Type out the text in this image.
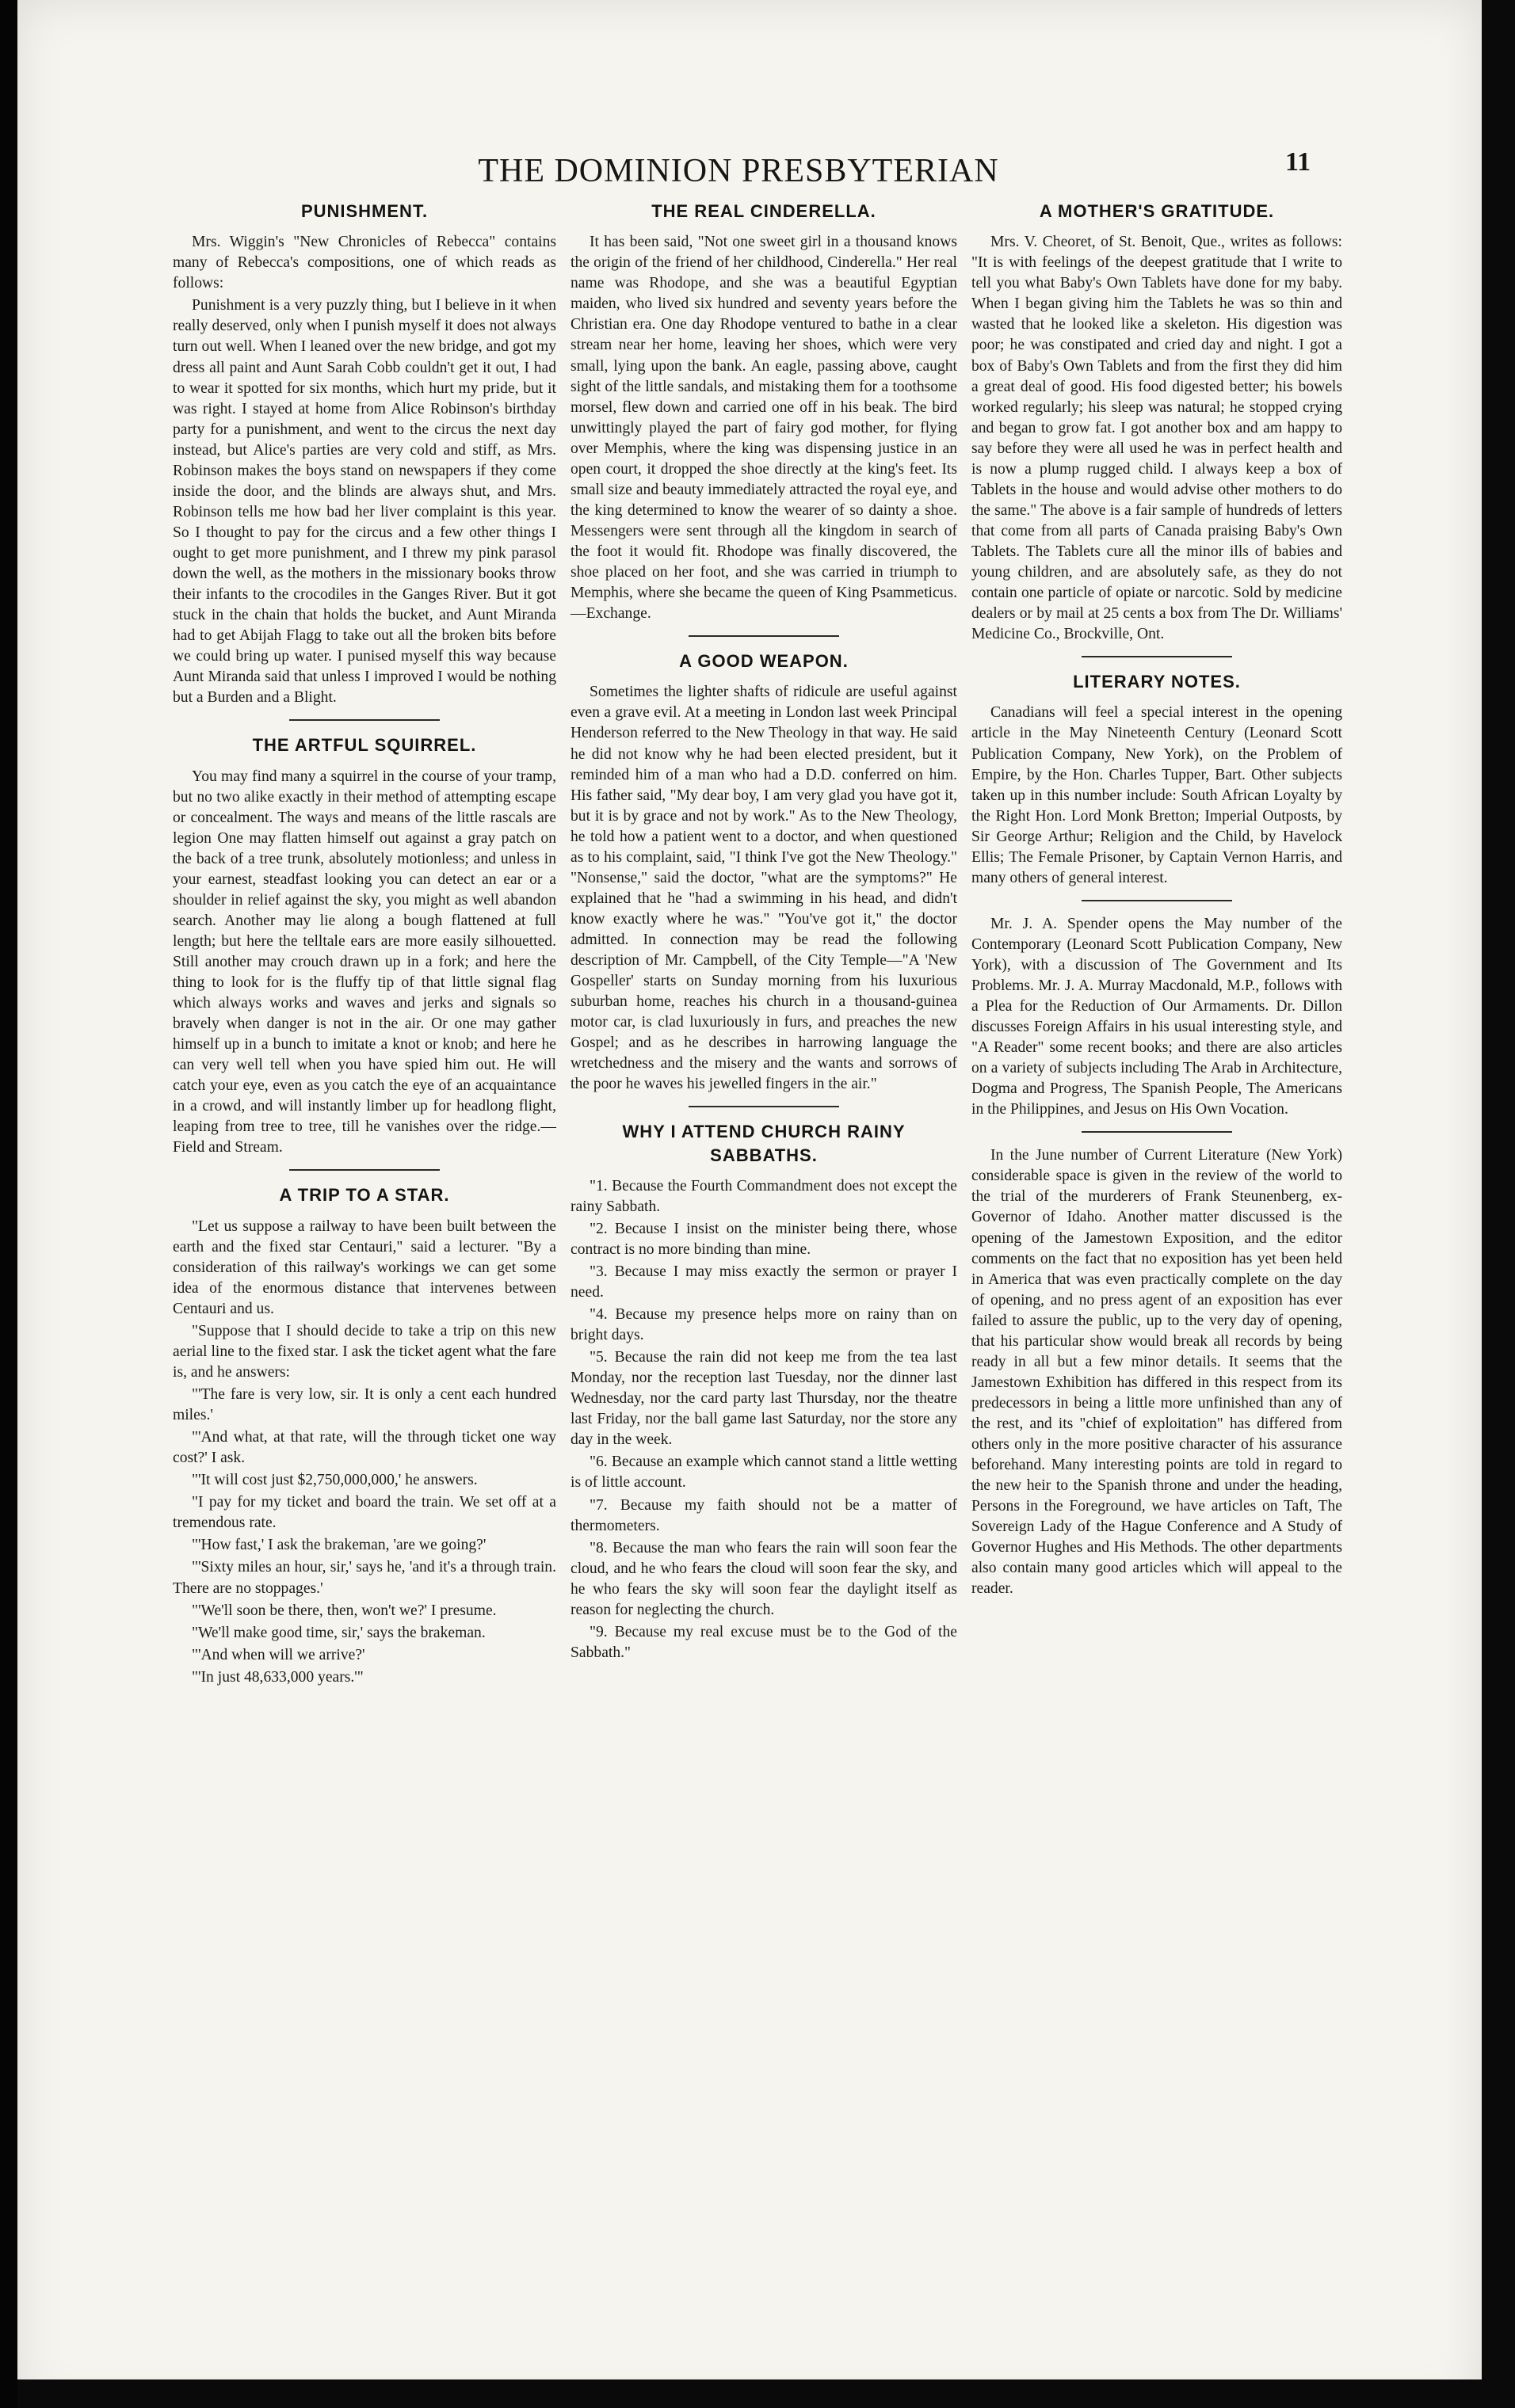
THE DOMINION PRESBYTERIAN	11
PUNISHMENT.

Mrs. Wiggin's "New Chronicles of Rebecca" contains many of Rebecca's compositions, one of which reads as follows:

Punishment is a very puzzly thing, but I believe in it when really deserved, only when I punish myself it does not always turn out well. When I leaned over the new bridge, and got my dress all paint and Aunt Sarah Cobb couldn't get it out, I had to wear it spotted for six months, which hurt my pride, but it was right. I stayed at home from Alice Robinson's birthday party for a punishment, and went to the circus the next day instead, but Alice's parties are very cold and stiff, as Mrs. Robinson makes the boys stand on newspapers if they come inside the door, and the blinds are always shut, and Mrs. Robinson tells me how bad her liver complaint is this year. So I thought to pay for the circus and a few other things I ought to get more punishment, and I threw my pink parasol down the well, as the mothers in the missionary books throw their infants to the crocodiles in the Ganges River. But it got stuck in the chain that holds the bucket, and Aunt Miranda had to get Abijah Flagg to take out all the broken bits before we could bring up water. I punised myself this way because Aunt Miranda said that unless I improved I would be nothing but a Burden and a Blight.

THE ARTFUL SQUIRREL.

You may find many a squirrel in the course of your tramp, but no two alike exactly in their method of attempting escape or concealment. The ways and means of the little rascals are legion One may flatten himself out against a gray patch on the back of a tree trunk, absolutely motionless; and unless in your earnest, steadfast looking you can detect an ear or a shoulder in relief against the sky, you might as well abandon search. Another may lie along a bough flattened at full length; but here the telltale ears are more easily silhouetted. Still another may crouch drawn up in a fork; and here the thing to look for is the fluffy tip of that little signal flag which always works and waves and jerks and signals so bravely when danger is not in the air. Or one may gather himself up in a bunch to imitate a knot or knob; and here he can very well tell when you have spied him out. He will catch your eye, even as you catch the eye of an acquaintance in a crowd, and will instantly limber up for headlong flight, leaping from tree to tree, till he vanishes over the ridge.—Field and Stream.

A TRIP TO A STAR.

"Let us suppose a railway to have been built between the earth and the fixed star Centauri," said a lecturer. "By a consideration of this railway's workings we can get some idea of the enormous distance that intervenes between Centauri and us.

"Suppose that I should decide to take a trip on this new aerial line to the fixed star. I ask the ticket agent what the fare is, and he answers:

"'The fare is very low, sir. It is only a cent each hundred miles.'

"'And what, at that rate, will the through ticket one way cost?' I ask.

"'It will cost just $2,750,000,000,' he answers.

"I pay for my ticket and board the train. We set off at a tremendous rate.

"'How fast,' I ask the brakeman, 'are we going?'

"'Sixty miles an hour, sir,' says he, 'and it's a through train. There are no stoppages.'

"'We'll soon be there, then, won't we?' I presume.

"We'll make good time, sir,' says the brakeman.

"'And when will we arrive?'

"'In just 48,633,000 years.'"

THE REAL CINDERELLA.

It has been said, "Not one sweet girl in a thousand knows the origin of the friend of her childhood, Cinderella." Her real name was Rhodope, and she was a beautiful Egyptian maiden, who lived six hundred and seventy years before the Christian era. One day Rhodope ventured to bathe in a clear stream near her home, leaving her shoes, which were very small, lying upon the bank. An eagle, passing above, caught sight of the little sandals, and mistaking them for a toothsome morsel, flew down and carried one off in his beak. The bird unwittingly played the part of fairy god mother, for flying over Memphis, where the king was dispensing justice in an open court, it dropped the shoe directly at the king's feet. Its small size and beauty immediately attracted the royal eye, and the king determined to know the wearer of so dainty a shoe. Messengers were sent through all the kingdom in search of the foot it would fit. Rhodope was finally discovered, the shoe placed on her foot, and she was carried in triumph to Memphis, where she became the queen of King Psammeticus.—Exchange.

A GOOD WEAPON.

Sometimes the lighter shafts of ridicule are useful against even a grave evil. At a meeting in London last week Principal Henderson referred to the New Theology in that way. He said he did not know why he had been elected president, but it reminded him of a man who had a D.D. conferred on him. His father said, "My dear boy, I am very glad you have got it, but it is by grace and not by work." As to the New Theology, he told how a patient went to a doctor, and when questioned as to his complaint, said, "I think I've got the New Theology." "Nonsense," said the doctor, "what are the symptoms?" He explained that he "had a swimming in his head, and didn't know exactly where he was." "You've got it," the doctor admitted. In connection may be read the following description of Mr. Campbell, of the City Temple—"A 'New Gospeller' starts on Sunday morning from his luxurious suburban home, reaches his church in a thousand-guinea motor car, is clad luxuriously in furs, and preaches the new Gospel; and as he describes in harrowing language the wretchedness and the misery and the wants and sorrows of the poor he waves his jewelled fingers in the air."

WHY I ATTEND CHURCH RAINY SABBATHS.

"1. Because the Fourth Commandment does not except the rainy Sabbath.

"2. Because I insist on the minister being there, whose contract is no more binding than mine.

"3. Because I may miss exactly the sermon or prayer I need.

"4. Because my presence helps more on rainy than on bright days.

"5. Because the rain did not keep me from the tea last Monday, nor the reception last Tuesday, nor the dinner last Wednesday, nor the card party last Thursday, nor the theatre last Friday, nor the ball game last Saturday, nor the store any day in the week.

"6. Because an example which cannot stand a little wetting is of little account.

"7. Because my faith should not be a matter of thermometers.

"8. Because the man who fears the rain will soon fear the cloud, and he who fears the cloud will soon fear the sky, and he who fears the sky will soon fear the daylight itself as reason for neglecting the church.

"9. Because my real excuse must be to the God of the Sabbath."

A MOTHER'S GRATITUDE.

Mrs. V. Cheoret, of St. Benoit, Que., writes as follows: "It is with feelings of the deepest gratitude that I write to tell you what Baby's Own Tablets have done for my baby. When I began giving him the Tablets he was so thin and wasted that he looked like a skeleton. His digestion was poor; he was constipated and cried day and night. I got a box of Baby's Own Tablets and from the first they did him a great deal of good. His food digested better; his bowels worked regularly; his sleep was natural; he stopped crying and began to grow fat. I got another box and am happy to say before they were all used he was in perfect health and is now a plump rugged child. I always keep a box of Tablets in the house and would advise other mothers to do the same." The above is a fair sample of hundreds of letters that come from all parts of Canada praising Baby's Own Tablets. The Tablets cure all the minor ills of babies and young children, and are absolutely safe, as they do not contain one particle of opiate or narcotic. Sold by medicine dealers or by mail at 25 cents a box from The Dr. Williams' Medicine Co., Brockville, Ont.

LITERARY NOTES.

Canadians will feel a special interest in the opening article in the May Nineteenth Century (Leonard Scott Publication Company, New York), on the Problem of Empire, by the Hon. Charles Tupper, Bart. Other subjects taken up in this number include: South African Loyalty by the Right Hon. Lord Monk Bretton; Imperial Outposts, by Sir George Arthur; Religion and the Child, by Havelock Ellis; The Female Prisoner, by Captain Vernon Harris, and many others of general interest.

Mr. J. A. Spender opens the May number of the Contemporary (Leonard Scott Publication Company, New York), with a discussion of The Government and Its Problems. Mr. J. A. Murray Macdonald, M.P., follows with a Plea for the Reduction of Our Armaments. Dr. Dillon discusses Foreign Affairs in his usual interesting style, and "A Reader" some recent books; and there are also articles on a variety of subjects including The Arab in Architecture, Dogma and Progress, The Spanish People, The Americans in the Philippines, and Jesus on His Own Vocation.

In the June number of Current Literature (New York) considerable space is given in the review of the world to the trial of the murderers of Frank Steunenberg, ex-Governor of Idaho. Another matter discussed is the opening of the Jamestown Exposition, and the editor comments on the fact that no exposition has yet been held in America that was even practically complete on the day of opening, and no press agent of an exposition has ever failed to assure the public, up to the very day of opening, that his particular show would break all records by being ready in all but a few minor details. It seems that the Jamestown Exhibition has differed in this respect from its predecessors in being a little more unfinished than any of the rest, and its "chief of exploitation" has differed from others only in the more positive character of his assurance beforehand. Many interesting points are told in regard to the new heir to the Spanish throne and under the heading, Persons in the Foreground, we have articles on Taft, The Sovereign Lady of the Hague Conference and A Study of Governor Hughes and His Methods. The other departments also contain many good articles which will appeal to the reader.
